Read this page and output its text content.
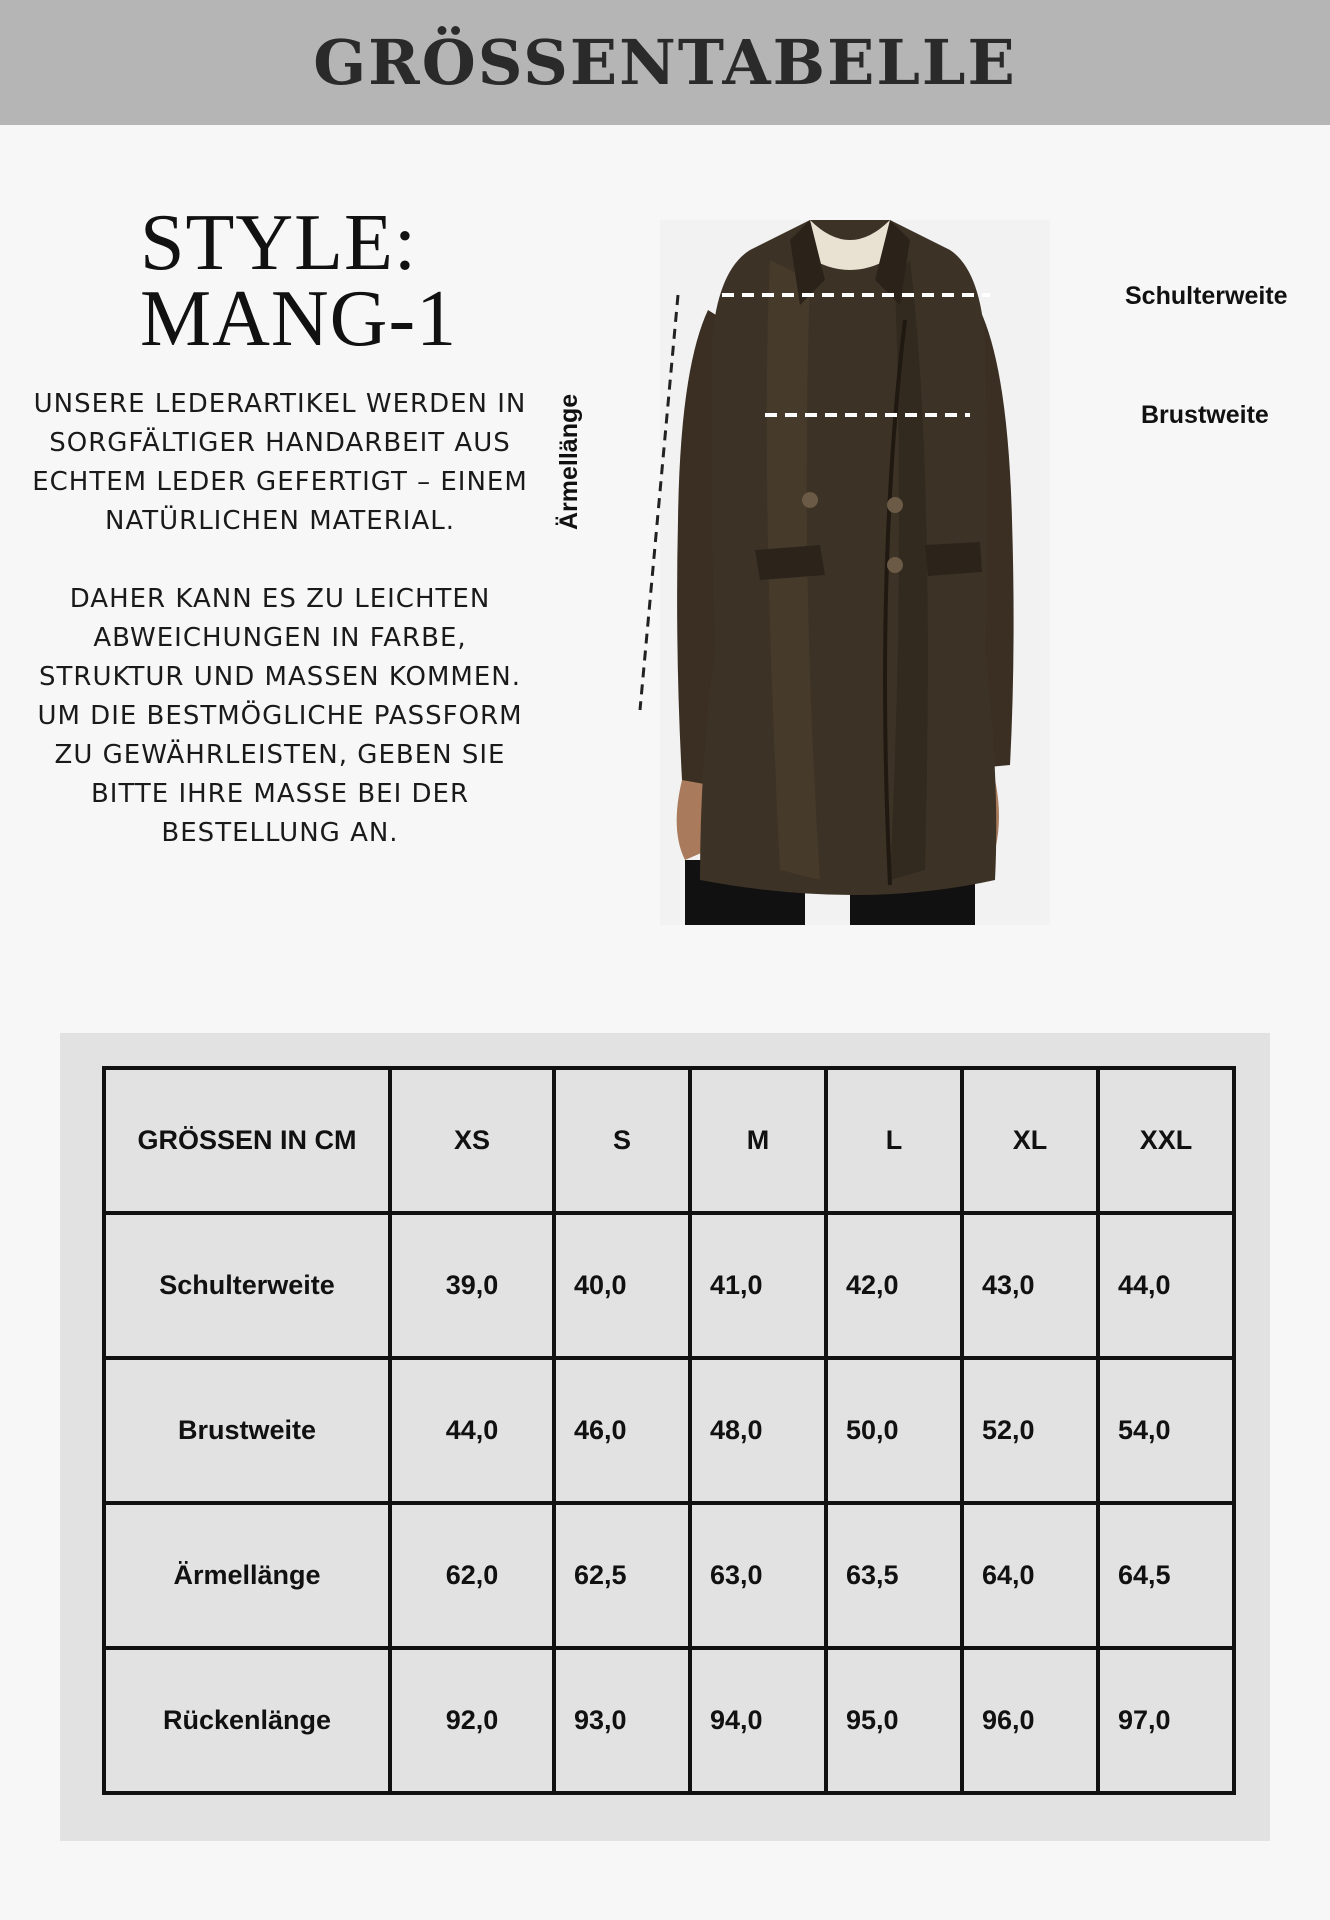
GRÖSSENTABELLE
STYLE:
MANG-1

UNSERE LEDERARTIKEL WERDEN IN SORGFÄLTIGER HANDARBEIT AUS ECHTEM LEDER GEFERTIGT – EINEM NATÜRLICHEN MATERIAL.

DAHER KANN ES ZU LEICHTEN ABWEICHUNGEN IN FARBE, STRUKTUR UND MASSEN KOMMEN. UM DIE BESTMÖGLICHE PASSFORM ZU GEWÄHRLEISTEN, GEBEN SIE BITTE IHRE MASSE BEI DER BESTELLUNG AN.

Schulterweite
Brustweite
Ärmellänge
GRÖSSEN IN CM	XS	S	M	L	XL	XXL
Schulterweite	39,0	40,0	41,0	42,0	43,0	44,0
Brustweite	44,0	46,0	48,0	50,0	52,0	54,0
Ärmellänge	62,0	62,5	63,0	63,5	64,0	64,5
Rückenlänge	92,0	93,0	94,0	95,0	96,0	97,0
